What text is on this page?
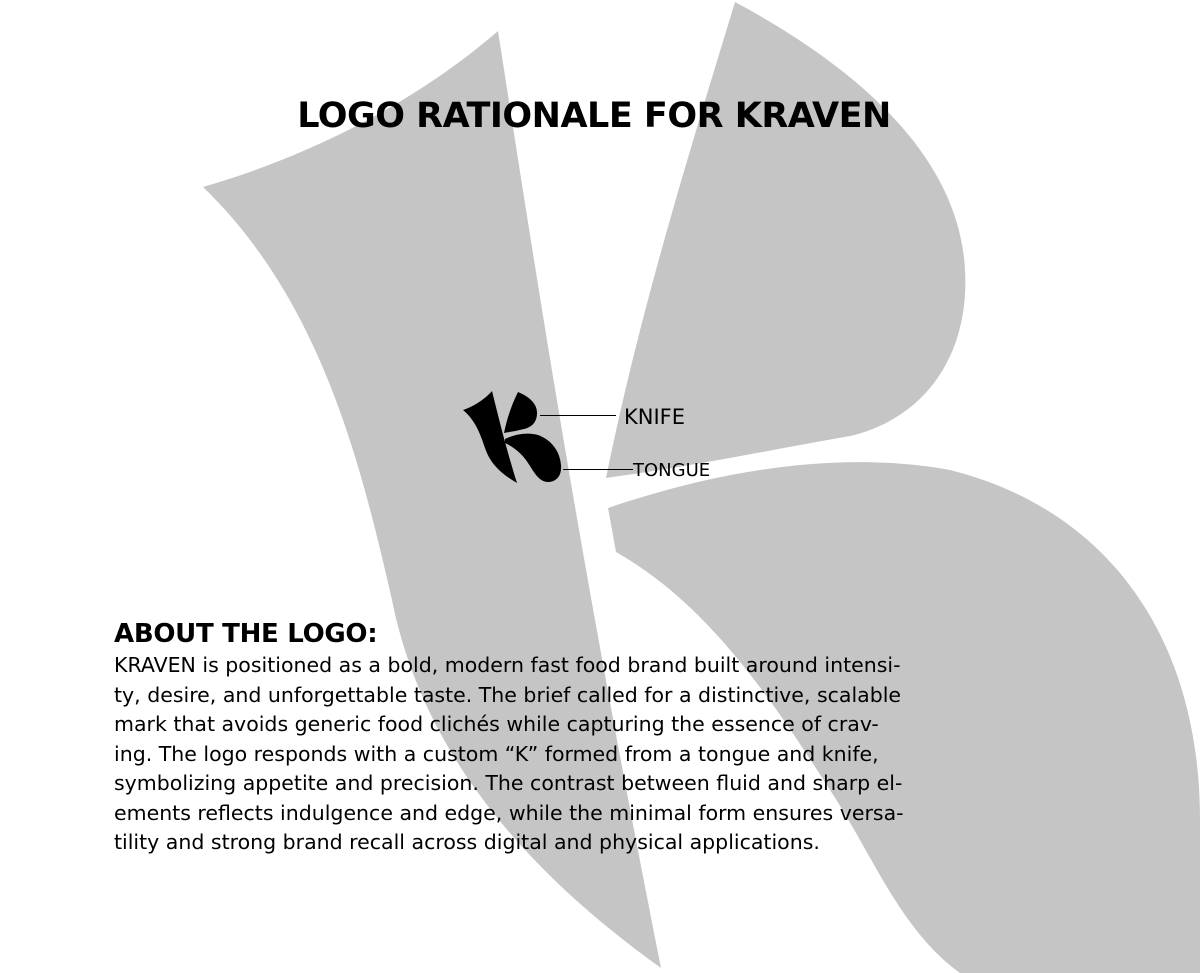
LOGO RATIONALE FOR KRAVEN
KNIFE
TONGUE
ABOUT THE LOGO:

KRAVEN is positioned as a bold, modern fast food brand built around intensi-
ty, desire, and unforgettable taste. The brief called for a distinctive, scalable
mark that avoids generic food clichés while capturing the essence of crav-
ing. The logo responds with a custom “K” formed from a tongue and knife,
symbolizing appetite and precision. The contrast between fluid and sharp el-
ements reflects indulgence and edge, while the minimal form ensures versa-
tility and strong brand recall across digital and physical applications.
